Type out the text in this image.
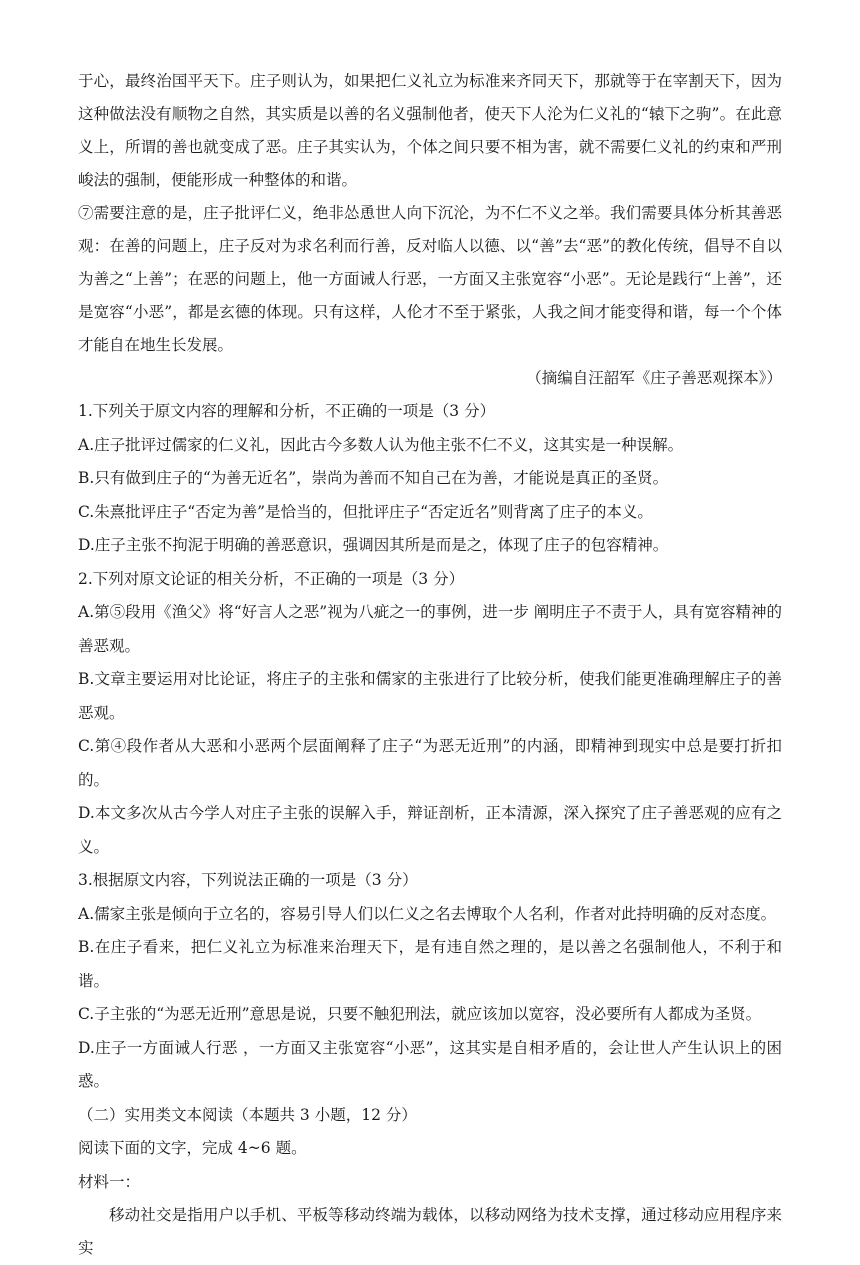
于心，最终治国平天下。庄子则认为，如果把仁义礼立为标准来齐同天下，那就等于在宰割天下，因为这种做法没有顺物之自然，其实质是以善的名义强制他者，使天下人沦为仁义礼的“辕下之驹”。在此意义上，所谓的善也就变成了恶。庄子其实认为，个体之间只要不相为害，就不需要仁义礼的约束和严刑峻法的强制，便能形成一种整体的和谐。

⑦需要注意的是，庄子批评仁义，绝非怂恿世人向下沉沦，为不仁不义之举。我们需要具体分析其善恶观：在善的问题上，庄子反对为求名利而行善，反对临人以德、以“善”去“恶”的教化传统，倡导不自以为善之“上善”；在恶的问题上，他一方面诫人行恶，一方面又主张宽容“小恶”。无论是践行“上善”，还是宽容“小恶”，都是玄德的体现。只有这样，人伦才不至于紧张，人我之间才能变得和谐，每一个个体才能自在地生长发展。

（摘编自汪韶军《庄子善恶观探本》）

1.下列关于原文内容的理解和分析，不正确的一项是（3 分）

A.庄子批评过儒家的仁义礼，因此古今多数人认为他主张不仁不义，这其实是一种误解。

B.只有做到庄子的“为善无近名”，崇尚为善而不知自己在为善，才能说是真正的圣贤。

C.朱熹批评庄子“否定为善”是恰当的，但批评庄子“否定近名”则背离了庄子的本义。

D.庄子主张不拘泥于明确的善恶意识，强调因其所是而是之，体现了庄子的包容精神。

2.下列对原文论证的相关分析，不正确的一项是（3 分）

A.第⑤段用《渔父》将“好言人之恶”视为八疵之一的事例，进一步 阐明庄子不责于人，具有宽容精神的善恶观。

B.文章主要运用对比论证，将庄子的主张和儒家的主张进行了比较分析，使我们能更准确理解庄子的善恶观。

C.第④段作者从大恶和小恶两个层面阐释了庄子“为恶无近刑”的内涵，即精神到现实中总是要打折扣的。

D.本文多次从古今学人对庄子主张的误解入手，辩证剖析，正本清源，深入探究了庄子善恶观的应有之义。

3.根据原文内容，下列说法正确的一项是（3 分）

A.儒家主张是倾向于立名的，容易引导人们以仁义之名去博取个人名利，作者对此持明确的反对态度。

B.在庄子看来，把仁义礼立为标准来治理天下，是有违自然之理的，是以善之名强制他人，不利于和谐。

C.子主张的“为恶无近刑”意思是说，只要不触犯刑法，就应该加以宽容，没必要所有人都成为圣贤。

D.庄子一方面诫人行恶 ，一方面又主张宽容“小恶”，这其实是自相矛盾的，会让世人产生认识上的困惑。

（二）实用类文本阅读（本题共 3 小题，12 分）

阅读下面的文字，完成 4~6 题。

材料一：

移动社交是指用户以手机、平板等移动终端为载体，以移动网络为技术支撑，通过移动应用程序来实
